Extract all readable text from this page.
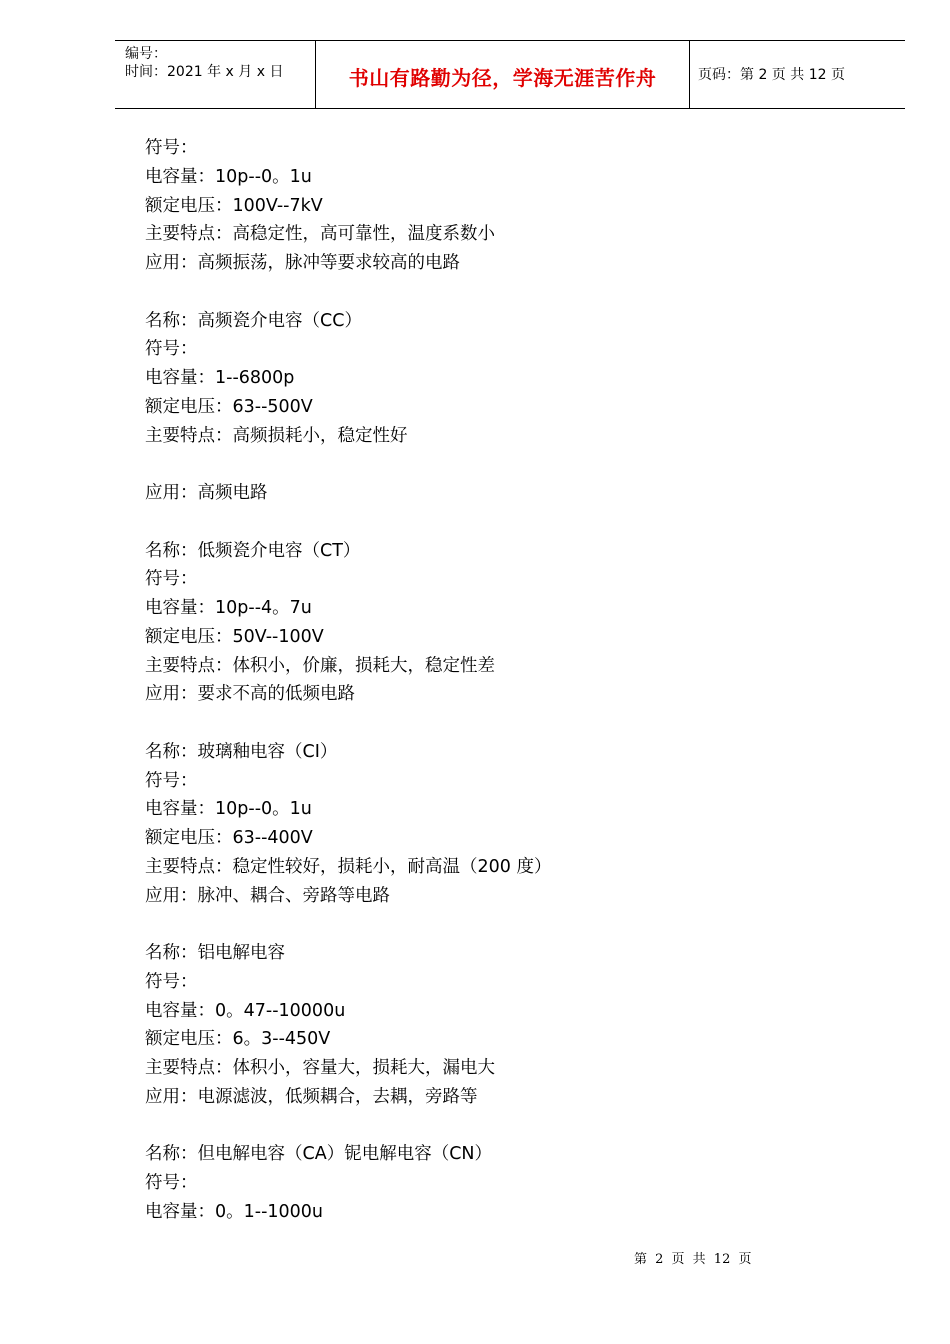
编号：
时间：2021 年 x 月 x 日	书山有路勤为径，学海无涯苦作舟	页码：第 2 页 共 12 页
符号：
电容量：10p--0。1u
额定电压：100V--7kV
主要特点：高稳定性，高可靠性，温度系数小
应用：高频振荡，脉冲等要求较高的电路
名称：高频瓷介电容（CC）
符号：
电容量：1--6800p
额定电压：63--500V
主要特点：高频损耗小，稳定性好
应用：高频电路
名称：低频瓷介电容（CT）
符号：
电容量：10p--4。7u
额定电压：50V--100V
主要特点：体积小，价廉，损耗大，稳定性差
应用：要求不高的低频电路
名称：玻璃釉电容（CI）
符号：
电容量：10p--0。1u
额定电压：63--400V
主要特点：稳定性较好，损耗小，耐高温（200 度）
应用：脉冲、耦合、旁路等电路
名称：铝电解电容
符号：
电容量：0。47--10000u
额定电压：6。3--450V
主要特点：体积小，容量大，损耗大，漏电大
应用：电源滤波，低频耦合，去耦，旁路等
名称：但电解电容（CA）铌电解电容（CN）
符号：
电容量：0。1--1000u
第 2 页 共 12 页
